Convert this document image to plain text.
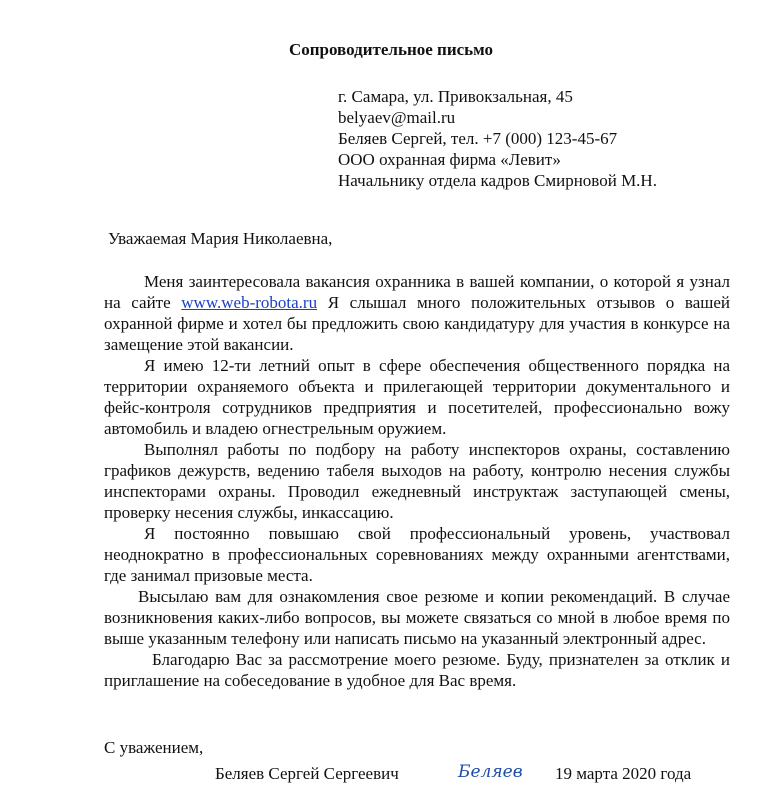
Сопроводительное письмо
г. Самара, ул. Привокзальная, 45
belyaev@mail.ru
Беляев Сергей, тел. +7 (000) 123-45-67
ООО охранная фирма «Левит»
Начальнику отдела кадров Смирновой М.Н.
Уважаемая Мария Николаевна,

Меня заинтересовала вакансия охранника в вашей компании, о которой я узнал на сайте www.web-robota.ru Я слышал много положительных отзывов о вашей охранной фирме и хотел бы предложить свою кандидатуру для участия в конкурсе на замещение этой вакансии.

Я имею 12-ти летний опыт в сфере обеспечения общественного порядка на территории охраняемого объекта и прилегающей территории документального и фейс-контроля сотрудников предприятия и посетителей, профессионально вожу автомобиль и владею огнестрельным оружием.

Выполнял работы по подбору на работу инспекторов охраны, составлению графиков дежурств, ведению табеля выходов на работу, контролю несения службы инспекторами охраны. Проводил ежедневный инструктаж заступающей смены, проверку несения службы, инкассацию.

Я постоянно повышаю свой профессиональный уровень, участвовал неоднократно в профессиональных соревнованиях между охранными агентствами, где занимал призовые места.

Высылаю вам для ознакомления свое резюме и копии рекомендаций. В случае возникновения каких-либо вопросов, вы можете связаться со мной в любое время по выше указанным телефону или написать письмо на указанный электронный адрес.

Благодарю Вас за рассмотрение моего резюме. Буду, признателен за отклик и приглашение на собеседование в удобное для Вас время.

С уважением,
Беляев Сергей Сергеевич	Беляев 19 марта 2020 года
